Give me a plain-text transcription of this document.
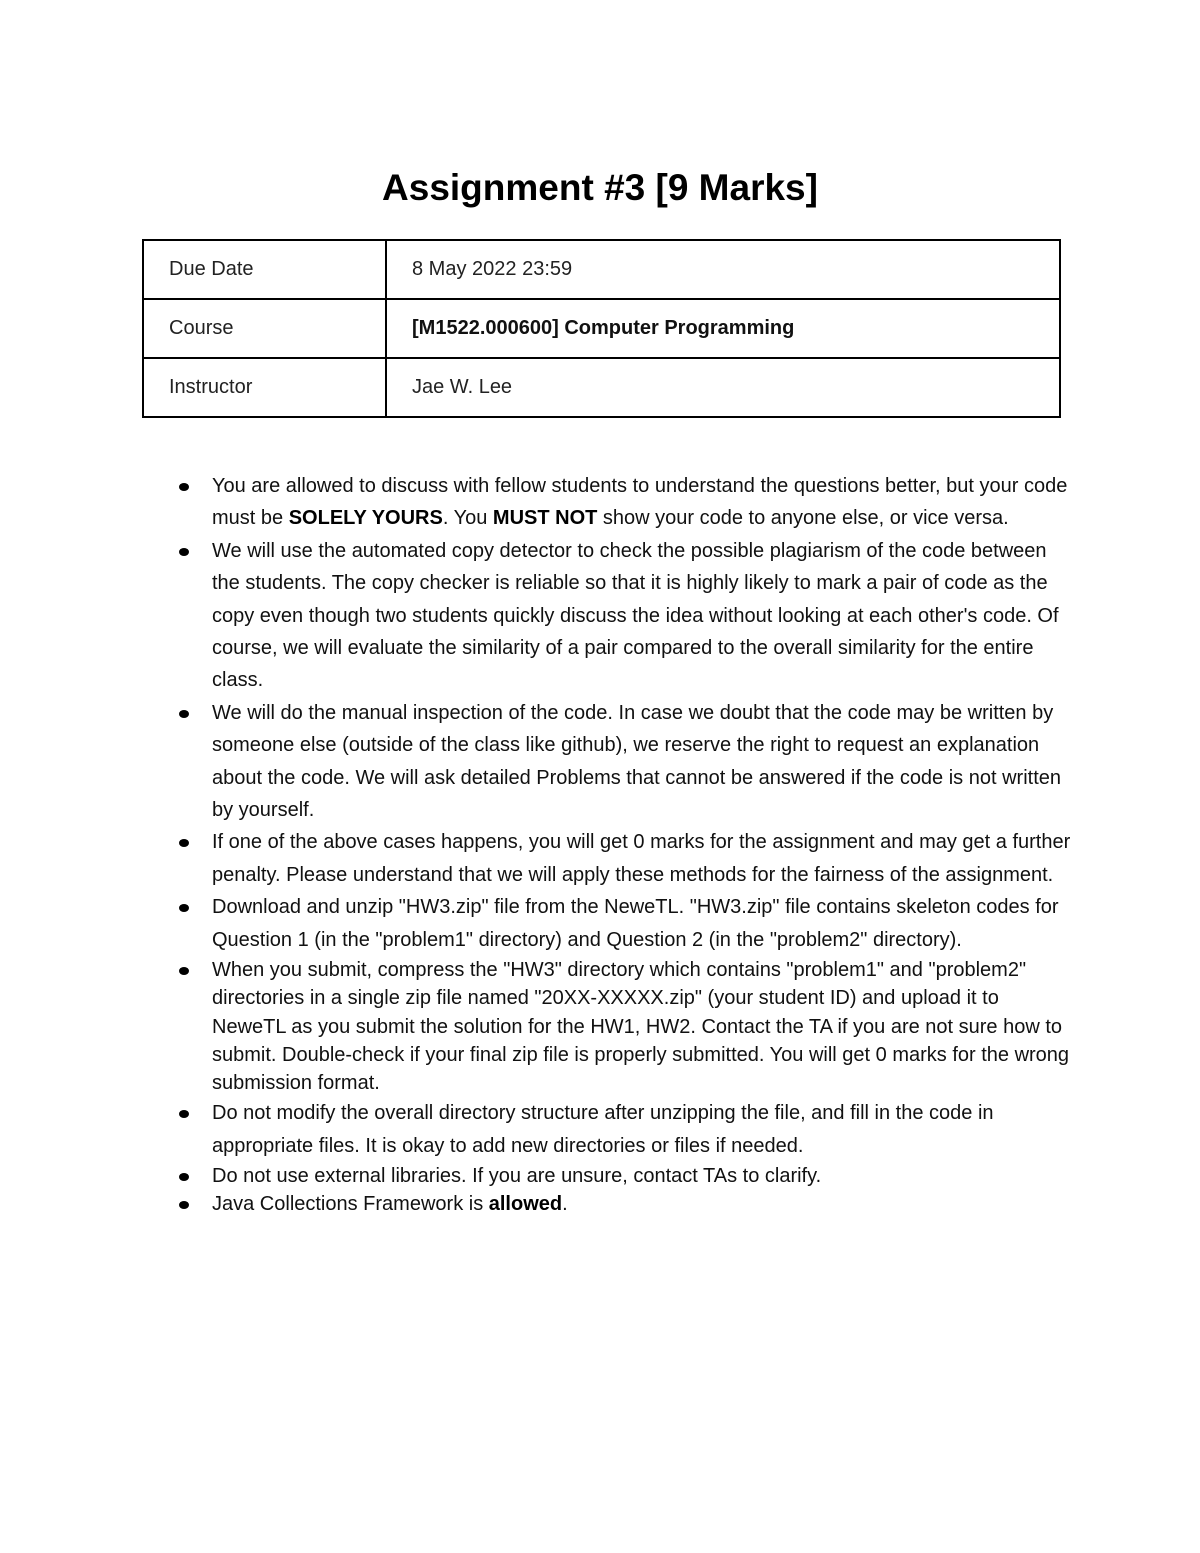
Assignment #3 [9 Marks]
Due Date	8 May 2022 23:59
Course	[M1522.000600] Computer Programming
Instructor	Jae W. Lee
You are allowed to discuss with fellow students to understand the questions better, but your code must be SOLELY YOURS. You MUST NOT show your code to anyone else, or vice versa.
We will use the automated copy detector to check the possible plagiarism of the code between the students. The copy checker is reliable so that it is highly likely to mark a pair of code as the copy even though two students quickly discuss the idea without looking at each other's code. Of course, we will evaluate the similarity of a pair compared to the overall similarity for the entire class.
We will do the manual inspection of the code. In case we doubt that the code may be written by someone else (outside of the class like github), we reserve the right to request an explanation about the code. We will ask detailed Problems that cannot be answered if the code is not written by yourself.
If one of the above cases happens, you will get 0 marks for the assignment and may get a further penalty. Please understand that we will apply these methods for the fairness of the assignment.
Download and unzip "HW3.zip" file from the NeweTL. "HW3.zip" file contains skeleton codes for Question 1 (in the "problem1" directory) and Question 2 (in the "problem2" directory).
When you submit, compress the "HW3" directory which contains "problem1" and "problem2" directories in a single zip file named "20XX-XXXXX.zip" (your student ID) and upload it to NeweTL as you submit the solution for the HW1, HW2. Contact the TA if you are not sure how to submit. Double-check if your final zip file is properly submitted. You will get 0 marks for the wrong submission format.
Do not modify the overall directory structure after unzipping the file, and fill in the code in appropriate files. It is okay to add new directories or files if needed.
Do not use external libraries. If you are unsure, contact TAs to clarify.
Java Collections Framework is allowed.
